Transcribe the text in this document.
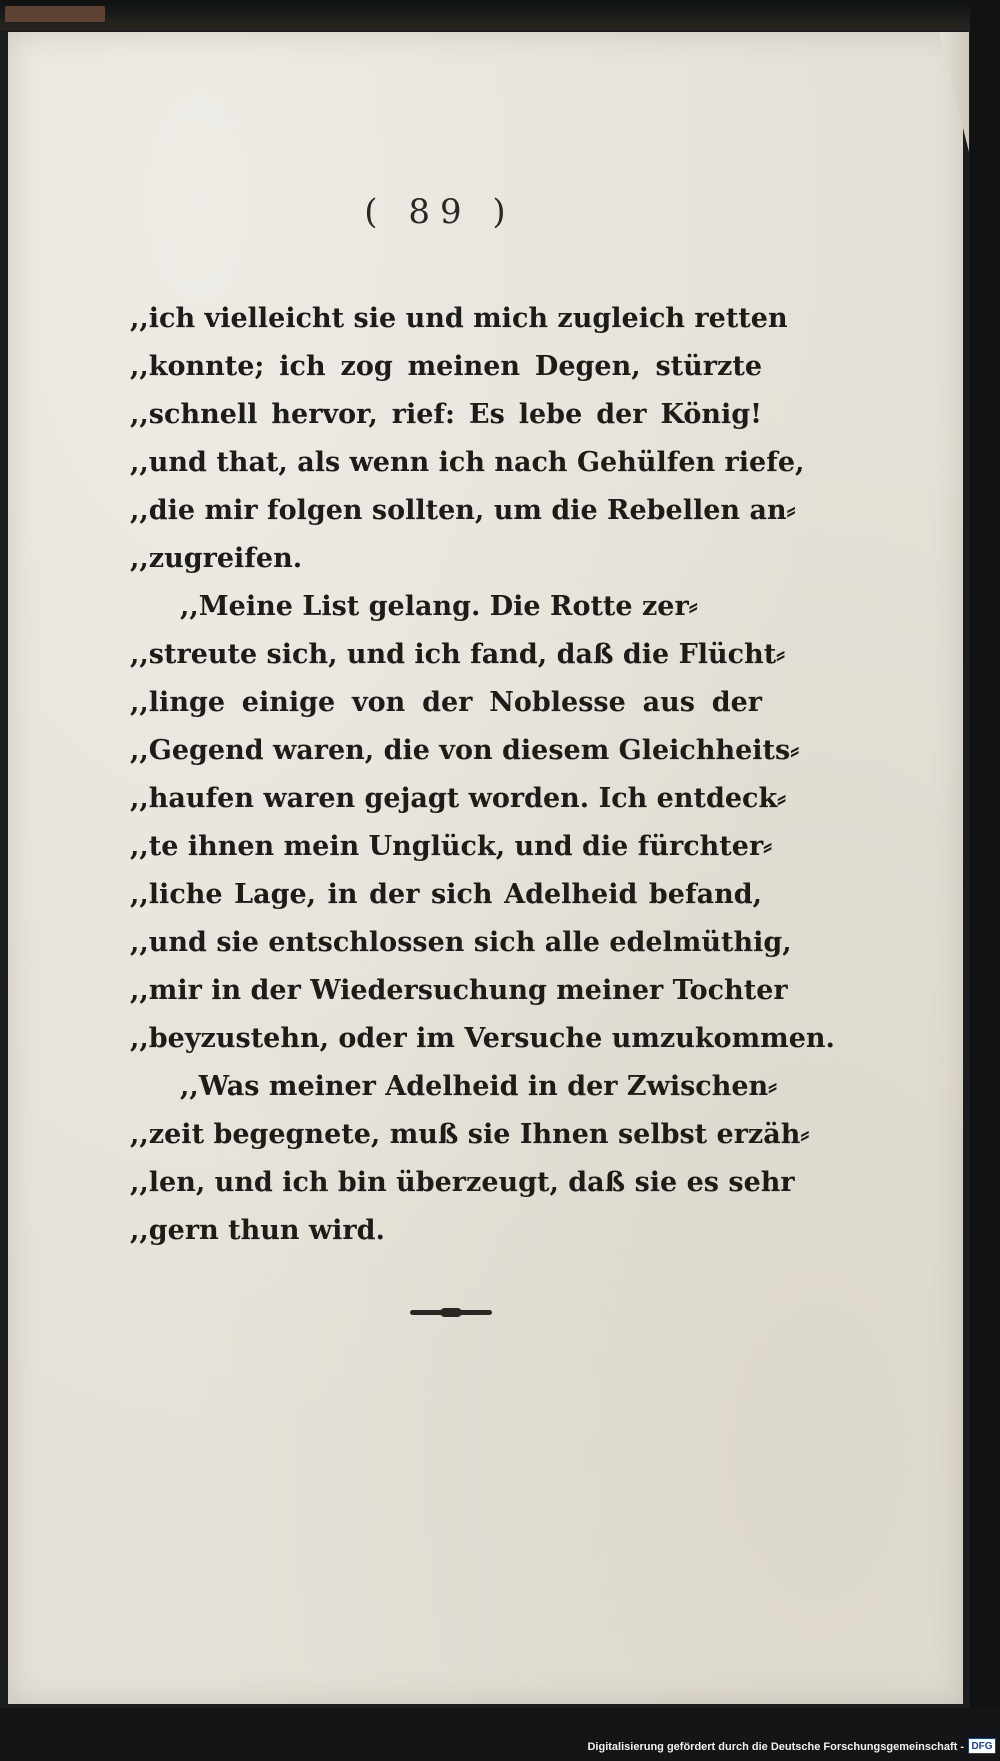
( 89 )
,,ich vielleicht sie und mich zugleich retten
,,konnte; ich zog meinen Degen, stürzte
,,schnell hervor, rief: Es lebe der König!
,,und that, als wenn ich nach Gehülfen riefe,
,,die mir folgen sollten, um die Rebellen an⸗
,,zugreifen.
,,Meine List gelang. Die Rotte zer⸗
,,streute sich, und ich fand, daß die Flücht⸗
,,linge einige von der Noblesse aus der
,,Gegend waren, die von diesem Gleichheits⸗
,,haufen waren gejagt worden. Ich entdeck⸗
,,te ihnen mein Unglück, und die fürchter⸗
,,liche Lage, in der sich Adelheid befand,
,,und sie entschlossen sich alle edelmüthig,
,,mir in der Wiedersuchung meiner Tochter
,,beyzustehn, oder im Versuche umzukommen.
,,Was meiner Adelheid in der Zwischen⸗
,,zeit begegnete, muß sie Ihnen selbst erzäh⸗
,,len, und ich bin überzeugt, daß sie es sehr
,,gern thun wird.
Digitalisierung gefördert durch die Deutsche Forschungsgemeinschaft - DFG
